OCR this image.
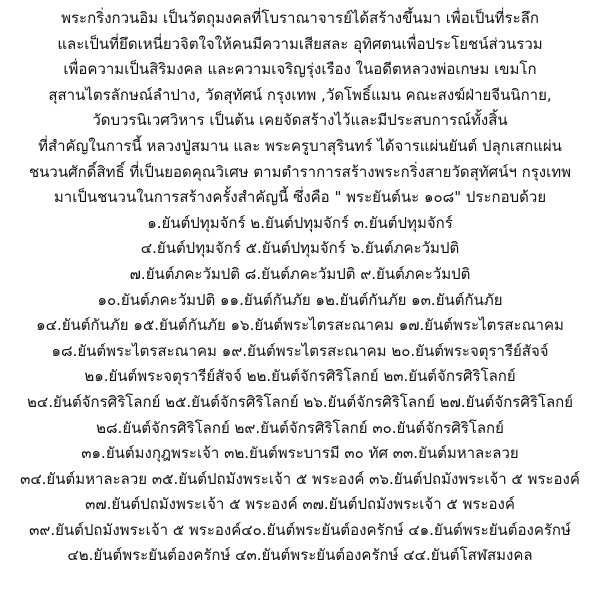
พระกริ่งกวนอิม เป็นวัตถุมงคลที่โบราณาจารย์ได้สร้างขึ้นมา เพื่อเป็นที่ระลึก
และเป็นที่ยึดเหนี่ยวจิตใจให้คนมีความเสียสละ อุทิศตนเพื่อประโยชน์ส่วนรวม
เพื่อความเป็นสิริมงคล และความเจริญรุ่งเรือง ในอดีตหลวงพ่อเกษม เขมโก
สุสานไตรลักษณ์ลำปาง, วัดสุทัศน์ กรุงเทพ ,วัดโพธิ์แมน คณะสงฆ์ฝ่ายจีนนิกาย,
วัดบวรนิเวศวิหาร เป็นต้น เคยจัดสร้างไว้และมีประสบการณ์ทั้งสิ้น
ที่สำคัญในการนี้ หลวงปู่สมาน และ พระครูบาสุรินทร์ ได้จารแผ่นยันต์ ปลุกเสกแผ่น
ชนวนศักดิ์สิทธิ์ ที่เป็นยอดคุณวิเศษ ตามตำราการสร้างพระกริ่งสายวัดสุทัศน์ฯ กรุงเทพ
มาเป็นชนวนในการสร้างครั้งสำคัญนี้ ซึ่งคือ " พระยันต์นะ ๑๐๘" ประกอบด้วย
๑.ยันต์ปทุมจักร์ ๒.ยันต์ปทุมจักร์ ๓.ยันต์ปทุมจักร์
๔.ยันต์ปทุมจักร์ ๕.ยันต์ปทุมจักร์ ๖.ยันต์ภคะวัมปติ
๗.ยันต์ภคะวัมปติ ๘.ยันต์ภคะวัมปติ ๙.ยันต์ภคะวัมปติ
๑๐.ยันต์ภคะวัมปติ ๑๑.ยันต์กันภัย ๑๒.ยันต์กันภัย ๑๓.ยันต์กันภัย
๑๔.ยันต์กันภัย ๑๕.ยันต์กันภัย ๑๖.ยันต์พระไตรสะณาคม ๑๗.ยันต์พระไตรสะณาคม
๑๘.ยันต์พระไตรสะณาคม ๑๙.ยันต์พระไตรสะณาคม ๒๐.ยันต์พระจตุรารีย์สัจจ์
๒๑.ยันต์พระจตุรารีย์สัจจ์ ๒๒.ยันต์จักรศิริโลกย์ ๒๓.ยันต์จักรศิริโลกย์
๒๔.ยันต์จักรศิริโลกย์ ๒๕.ยันต์จักรศิริโลกย์ ๒๖.ยันต์จักรศิริโลกย์ ๒๗.ยันต์จักรศิริโลกย์
๒๘.ยันต์จักรศิริโลกย์ ๒๙.ยันต์จักรศิริโลกย์ ๓๐.ยันต์จักรศิริโลกย์
๓๑.ยันต์มงกุฎพระเจ้า ๓๒.ยันต์พระบารมี ๓๐ ทัศ ๓๓.ยันต์มหาละลวย
๓๔.ยันต์มหาละลวย ๓๕.ยันต์ปถมังพระเจ้า ๕ พระองค์ ๓๖.ยันต์ปถมังพระเจ้า ๕ พระองค์
๓๗.ยันต์ปถมังพระเจ้า ๕ พระองค์ ๓๗.ยันต์ปถมังพระเจ้า ๕ พระองค์
๓๙.ยันต์ปถมังพระเจ้า ๕ พระองค์๔๐.ยันต์พระยันต์องครักษ์ ๔๑.ยันต์พระยันต์องครักษ์
๔๒.ยันต์พระยันต์องครักษ์ ๔๓.ยันต์พระยันต์องครักษ์ ๔๔.ยันต์โสฬสมงคล
